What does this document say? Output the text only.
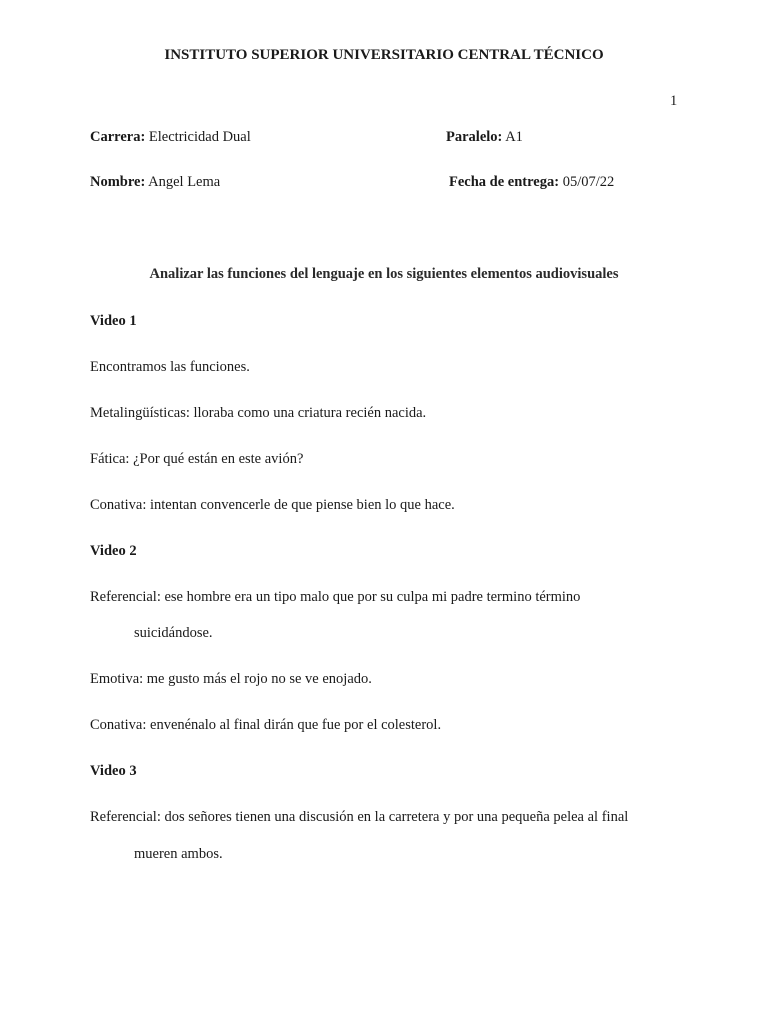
INSTITUTO SUPERIOR UNIVERSITARIO CENTRAL TÉCNICO
1
Carrera: Electricidad Dual	Paralelo: A1
Nombre: Angel Lema	Fecha de entrega: 05/07/22
Analizar las funciones del lenguaje en los siguientes elementos audiovisuales
Video 1
Encontramos las funciones.
Metalingüísticas: lloraba como una criatura recién nacida.
Fática: ¿Por qué están en este avión?
Conativa: intentan convencerle de que piense bien lo que hace.
Video 2
Referencial: ese hombre era un tipo malo que por su culpa mi padre termino término
suicidándose.
Emotiva: me gusto más el rojo no se ve enojado.
Conativa: envenénalo al final dirán que fue por el colesterol.
Video 3
Referencial: dos señores tienen una discusión en la carretera y por una pequeña pelea al final
mueren ambos.
